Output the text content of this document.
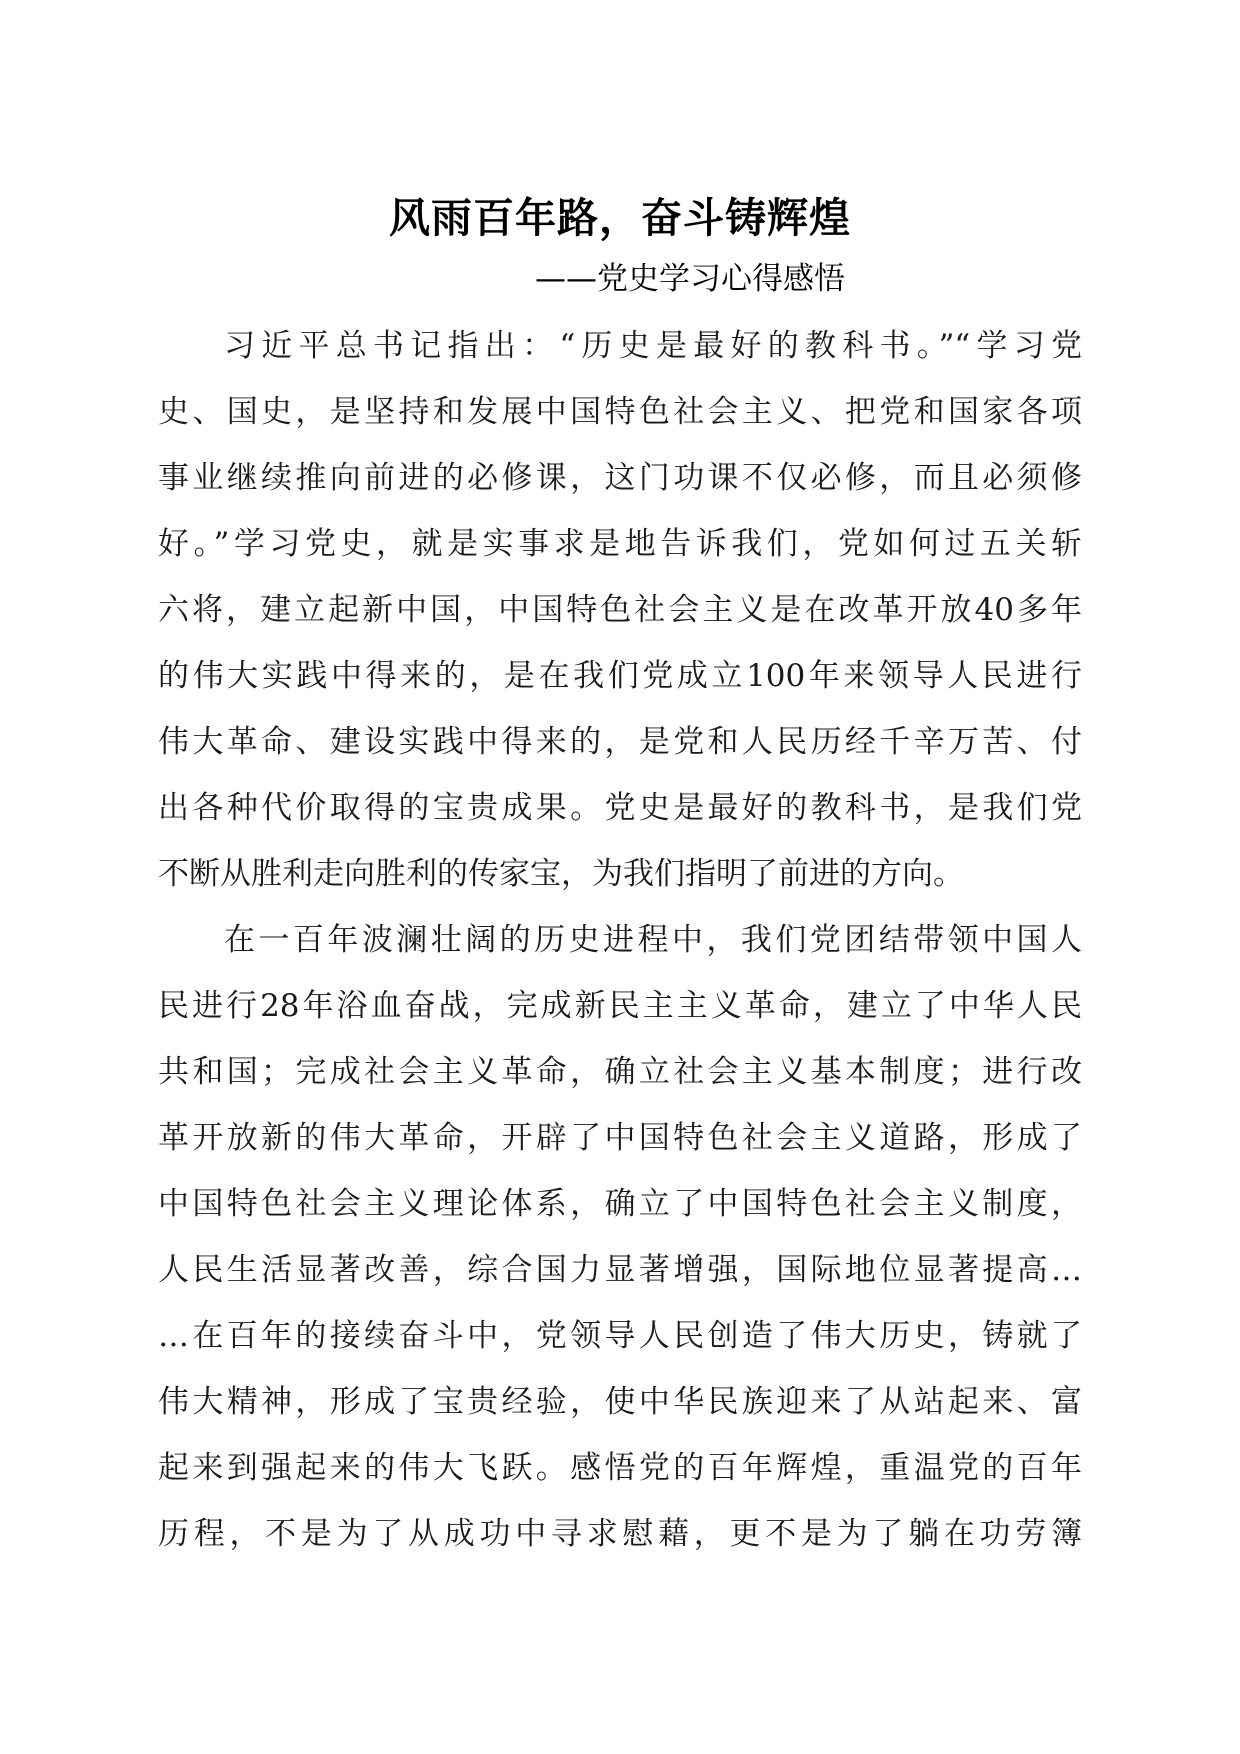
风雨百年路，奋斗铸辉煌
——党史学习心得感悟
习近平总书记指出：“历史是最好的教科书。”“学习党
史、国史，是坚持和发展中国特色社会主义、把党和国家各项
事业继续推向前进的必修课，这门功课不仅必修，而且必须修
好。”学习党史，就是实事求是地告诉我们，党如何过五关斩
六将，建立起新中国，中国特色社会主义是在改革开放40多年
的伟大实践中得来的，是在我们党成立100年来领导人民进行
伟大革命、建设实践中得来的，是党和人民历经千辛万苦、付
出各种代价取得的宝贵成果。党史是最好的教科书，是我们党
不断从胜利走向胜利的传家宝，为我们指明了前进的方向。
在一百年波澜壮阔的历史进程中，我们党团结带领中国人
民进行28年浴血奋战，完成新民主主义革命，建立了中华人民
共和国；完成社会主义革命，确立社会主义基本制度；进行改
革开放新的伟大革命，开辟了中国特色社会主义道路，形成了
中国特色社会主义理论体系，确立了中国特色社会主义制度，
人民生活显著改善，综合国力显著增强，国际地位显著提高…
…在百年的接续奋斗中，党领导人民创造了伟大历史，铸就了
伟大精神，形成了宝贵经验，使中华民族迎来了从站起来、富
起来到强起来的伟大飞跃。感悟党的百年辉煌，重温党的百年
历程，不是为了从成功中寻求慰藉，更不是为了躺在功劳簿
